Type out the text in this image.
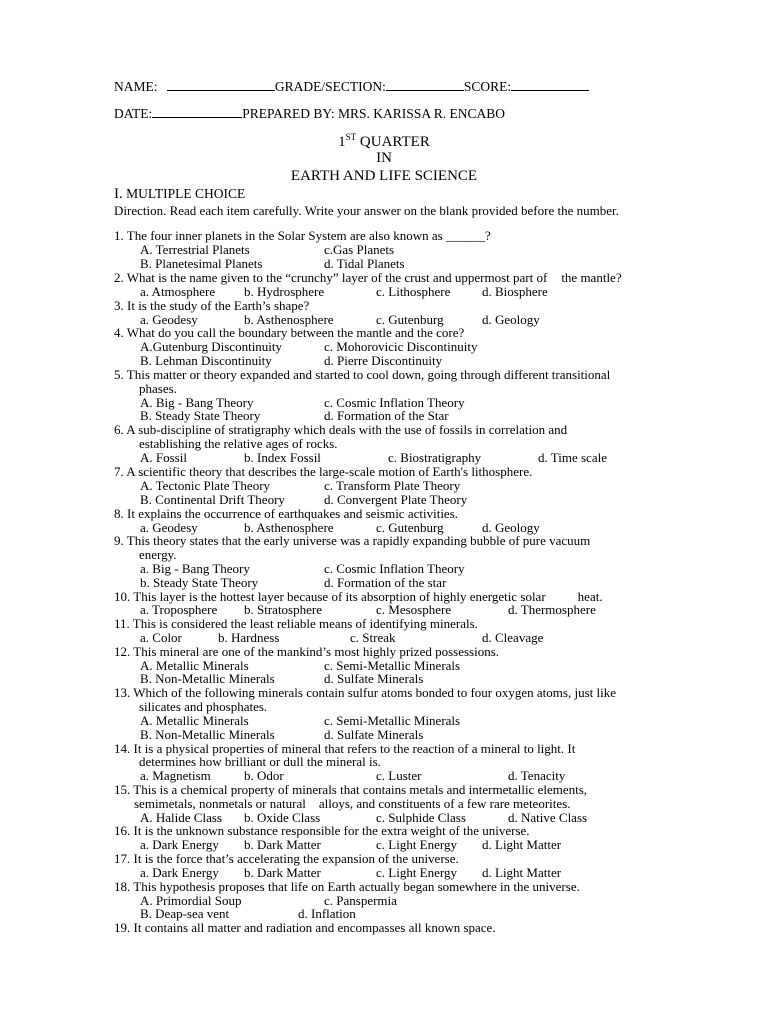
NAME:	GRADE/SECTION:	SCORE:
DATE:	PREPARED BY: MRS. KARISSA R. ENCABO
1ST QUARTER
IN
EARTH AND LIFE SCIENCE
I. MULTIPLE CHOICE
Direction. Read each item carefully. Write your answer on the blank provided before the number.
1. The four inner planets in the Solar System are also known as ______?
A. Terrestrial Planets	c.Gas Planets
B. Planetesimal Planets	d. Tidal Planets
2. What is the name given to the “crunchy” layer of the crust and uppermost part of the mantle?
a. Atmosphere b. Hydrosphere	c. Lithosphere d. Biosphere
3. It is the study of the Earth’s shape?
a. Geodesy	b. Asthenosphere	c. Gutenburg	d. Geology
4. What do you call the boundary between the mantle and the core?
A.Gutenburg Discontinuity	c. Mohorovicic Discontinuity
B. Lehman Discontinuity	d. Pierre Discontinuity
5. This matter or theory expanded and started to cool down, going through different transitional
phases.
A. Big - Bang Theory	c. Cosmic Inflation Theory
B. Steady State Theory	d. Formation of the Star
6. A sub-discipline of stratigraphy which deals with the use of fossils in correlation and
establishing the relative ages of rocks.
A. Fossil	b. Index Fossil	c. Biostratigraphy	d. Time scale
7. A scientific theory that describes the large-scale motion of Earth's lithosphere.
A. Tectonic Plate Theory	c. Transform Plate Theory
B. Continental Drift Theory	d. Convergent Plate Theory
8. It explains the occurrence of earthquakes and seismic activities.
a. Geodesy	b. Asthenosphere	c. Gutenburg	d. Geology
9. This theory states that the early universe was a rapidly expanding bubble of pure vacuum
energy.
a. Big - Bang Theory	c. Cosmic Inflation Theory
b. Steady State Theory	d. Formation of the star
10. This layer is the hottest layer because of its absorption of highly energetic solar heat.
a. Troposphere b. Stratosphere	c. Mesosphere	d. Thermosphere
11. This is considered the least reliable means of identifying minerals.
a. Color	b. Hardness	c. Streak	d. Cleavage
12. This mineral are one of the mankind’s most highly prized possessions.
A. Metallic Minerals	c. Semi-Metallic Minerals
B. Non-Metallic Minerals	d. Sulfate Minerals
13. Which of the following minerals contain sulfur atoms bonded to four oxygen atoms, just like
silicates and phosphates.
A. Metallic Minerals	c. Semi-Metallic Minerals
B. Non-Metallic Minerals	d. Sulfate Minerals
14. It is a physical properties of mineral that refers to the reaction of a mineral to light. It
determines how brilliant or dull the mineral is.
a. Magnetism	b. Odor	c. Luster	d. Tenacity
15. This is a chemical property of minerals that contains metals and intermetallic elements,
semimetals, nonmetals or natural    alloys, and constituents of a few rare meteorites.
A. Halide Class b. Oxide Class	c. Sulphide Class	d. Native Class
16. It is the unknown substance responsible for the extra weight of the universe.
a. Dark Energy b. Dark Matter	c. Light Energy d. Light Matter
17. It is the force that’s accelerating the expansion of the universe.
a. Dark Energy b. Dark Matter	c. Light Energy d. Light Matter
18. This hypothesis proposes that life on Earth actually began somewhere in the universe.
A. Primordial Soup	c. Panspermia
B. Deap-sea vent	d. Inflation
19. It contains all matter and radiation and encompasses all known space.
